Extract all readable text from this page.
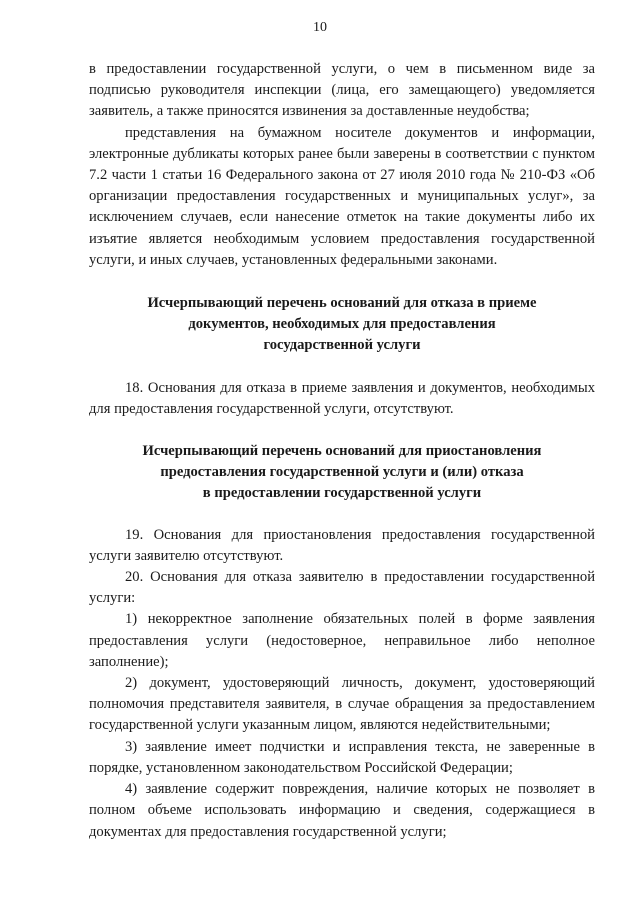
10

в предоставлении государственной услуги, о чем в письменном виде за подписью руководителя инспекции (лица, его замещающего) уведомляется заявитель, а также приносятся извинения за доставленные неудобства;

представления на бумажном носителе документов и информации, электронные дубликаты которых ранее были заверены в соответствии с пунктом 7.2 части 1 статьи 16 Федерального закона от 27 июля 2010 года № 210-ФЗ «Об организации предоставления государственных и муниципальных услуг», за исключением случаев, если нанесение отметок на такие документы либо их изъятие является необходимым условием предоставления государственной услуги, и иных случаев, установленных федеральными законами.

Исчерпывающий перечень оснований для отказа в приеме
документов, необходимых для предоставления
государственной услуги

18. Основания для отказа в приеме заявления и документов, необходимых для предоставления государственной услуги, отсутствуют.

Исчерпывающий перечень оснований для приостановления
предоставления государственной услуги и (или) отказа
в предоставлении государственной услуги

19. Основания для приостановления предоставления государственной услуги заявителю отсутствуют.

20. Основания для отказа заявителю в предоставлении государственной услуги:

1) некорректное заполнение обязательных полей в форме заявления предоставления услуги (недостоверное, неправильное либо неполное заполнение);

2) документ, удостоверяющий личность, документ, удостоверяющий полномочия представителя заявителя, в случае обращения за предоставлением государственной услуги указанным лицом, являются недействительными;

3) заявление имеет подчистки и исправления текста, не заверенные в порядке, установленном законодательством Российской Федерации;

4) заявление содержит повреждения, наличие которых не позволяет в полном объеме использовать информацию и сведения, содержащиеся в документах для предоставления государственной услуги;
